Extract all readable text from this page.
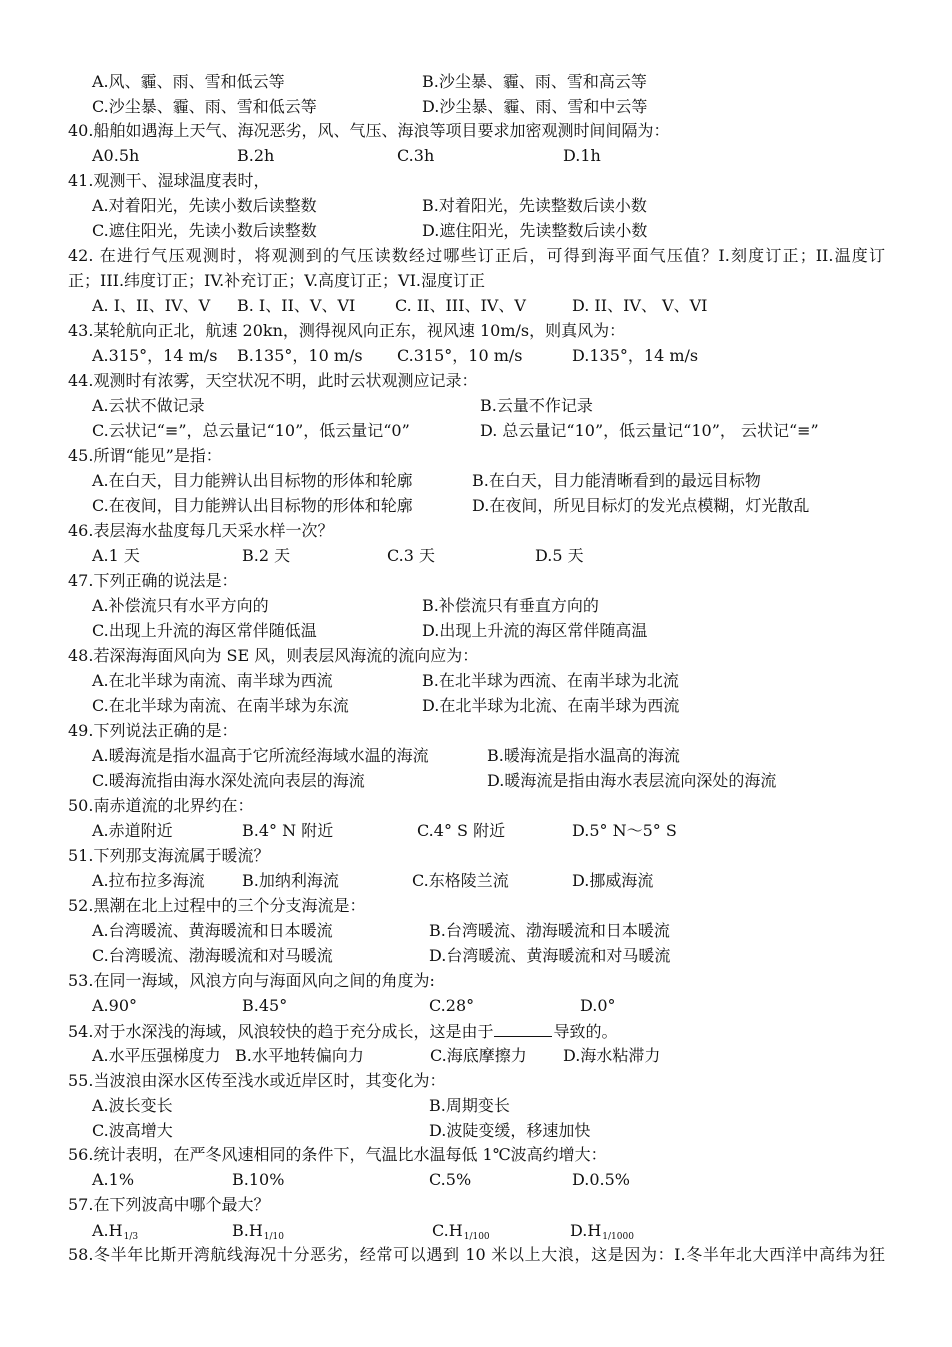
A.风、霾、雨、雪和低云等	B.沙尘暴、霾、雨、雪和高云等
C.沙尘暴、霾、雨、雪和低云等	D.沙尘暴、霾、雨、雪和中云等
40.船舶如遇海上天气、海况恶劣，风、气压、海浪等项目要求加密观测时间间隔为：
A0.5h	B.2h	C.3h	D.1h
41.观测干、湿球温度表时，
A.对着阳光，先读小数后读整数	B.对着阳光，先读整数后读小数
C.遮住阳光，先读小数后读整数	D.遮住阳光，先读整数后读小数
42. 在进行气压观测时，将观测到的气压读数经过哪些订正后，可得到海平面气压值？I.刻度订正；II.温度订
正；III.纬度订正；IV.补充订正；V.高度订正；VI.湿度订正
A. I、II、IV、V B. I、II、V、VI C. II、III、IV、V	D. II、IV、 V、VI
43.某轮航向正北，航速 20kn，测得视风向正东，视风速 10m/s，则真风为：
A.315°，14 m/s B.135°，10 m/s C.315°，10 m/s	D.135°，14 m/s
44.观测时有浓雾，天空状况不明，此时云状观测应记录：
A.云状不做记录	B.云量不作记录
C.云状记“≡”，总云量记“10”，低云量记“0”	D. 总云量记“10”，低云量记“10”， 云状记“≡”
45.所谓“能见”是指：
A.在白天，目力能辨认出目标物的形体和轮廓	B.在白天，目力能清晰看到的最远目标物
C.在夜间，目力能辨认出目标物的形体和轮廓	D.在夜间，所见目标灯的发光点模糊，灯光散乱
46.表层海水盐度每几天采水样一次？
A.1 天	B.2 天	C.3 天	D.5 天
47.下列正确的说法是：
A.补偿流只有水平方向的	B.补偿流只有垂直方向的
C.出现上升流的海区常伴随低温	D.出现上升流的海区常伴随高温
48.若深海海面风向为 SE 风，则表层风海流的流向应为：
A.在北半球为南流、南半球为西流	B.在北半球为西流、在南半球为北流
C.在北半球为南流、在南半球为东流	D.在北半球为北流、在南半球为西流
49.下列说法正确的是：
A.暖海流是指水温高于它所流经海域水温的海流	B.暖海流是指水温高的海流
C.暖海流指由海水深处流向表层的海流	D.暖海流是指由海水表层流向深处的海流
50.南赤道流的北界约在：
A.赤道附近	B.4° N 附近	C.4° S 附近	D.5° N～5° S
51.下列那支海流属于暖流？
A.拉布拉多海流 B.加纳利海流	C.东格陵兰流	D.挪威海流
52.黑潮在北上过程中的三个分支海流是：
A.台湾暖流、黄海暖流和日本暖流	B.台湾暖流、渤海暖流和日本暖流
C.台湾暖流、渤海暖流和对马暖流	D.台湾暖流、黄海暖流和对马暖流
53.在同一海域，风浪方向与海面风向之间的角度为:
A.90°	B.45°	C.28°	D.0°
54.对于水深浅的海域，风浪较快的趋于充分成长，这是由于	导致的。
A.水平压强梯度力 B.水平地转偏向力	C.海底摩擦力 D.海水粘滞力
55.当波浪由深水区传至浅水或近岸区时，其变化为：
A.波长变长	B.周期变长
C.波高增大	D.波陡变缓，移速加快
56.统计表明，在严冬风速相同的条件下，气温比水温每低 1℃波高约增大：
A.1%	B.10%	C.5%	D.0.5%
57.在下列波高中哪个最大？
A.H1/3	B.H1/10	C.H1/100	D.H1/1000
58.冬半年比斯开湾航线海况十分恶劣，经常可以遇到 10 米以上大浪，这是因为：I.冬半年北大西洋中高纬为狂
